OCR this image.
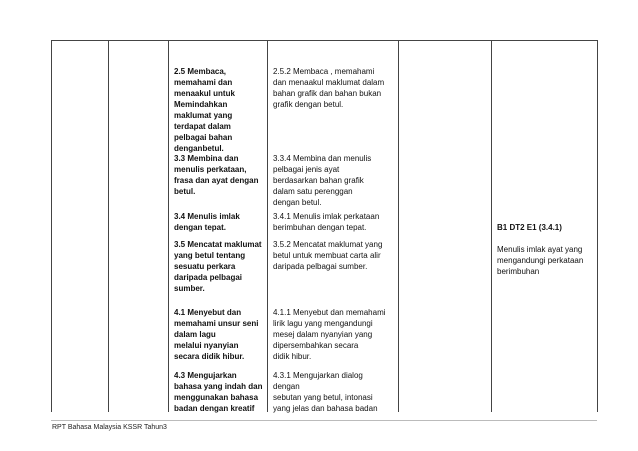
2.5 Membaca,
memahami dan
menaakul untuk
Memindahkan
maklumat yang
terdapat dalam
pelbagai bahan
denganbetul.
2.5.2 Membaca , memahami
dan menaakul maklumat dalam
bahan grafik dan bahan bukan
grafik dengan betul.
3.3 Membina dan
menulis perkataan,
frasa dan ayat dengan
betul.
3.3.4 Membina dan menulis
pelbagai jenis ayat
berdasarkan bahan grafik
dalam satu perenggan
dengan betul.
3.4 Menulis imlak
dengan tepat.
3.4.1 Menulis imlak perkataan
berimbuhan dengan tepat.
3.5 Mencatat maklumat
yang betul tentang
sesuatu perkara
daripada pelbagai
sumber.
3.5.2 Mencatat maklumat yang
betul untuk membuat carta alir
daripada pelbagai sumber.
4.1 Menyebut dan
memahami unsur seni
dalam lagu
melalui nyanyian
secara didik hibur.
4.1.1 Menyebut dan memahami
lirik lagu yang mengandungi
mesej dalam nyanyian yang
dipersembahkan secara
didik hibur.
4.3 Mengujarkan
bahasa yang indah dan
menggunakan bahasa
badan dengan kreatif
4.3.1 Mengujarkan dialog
dengan
sebutan yang betul, intonasi
yang jelas dan bahasa badan

B1 DT2 E1 (3.4.1)

Menulis imlak ayat yang
mengandungi perkataan
berimbuhan

RPT Bahasa Malaysia KSSR Tahun3
